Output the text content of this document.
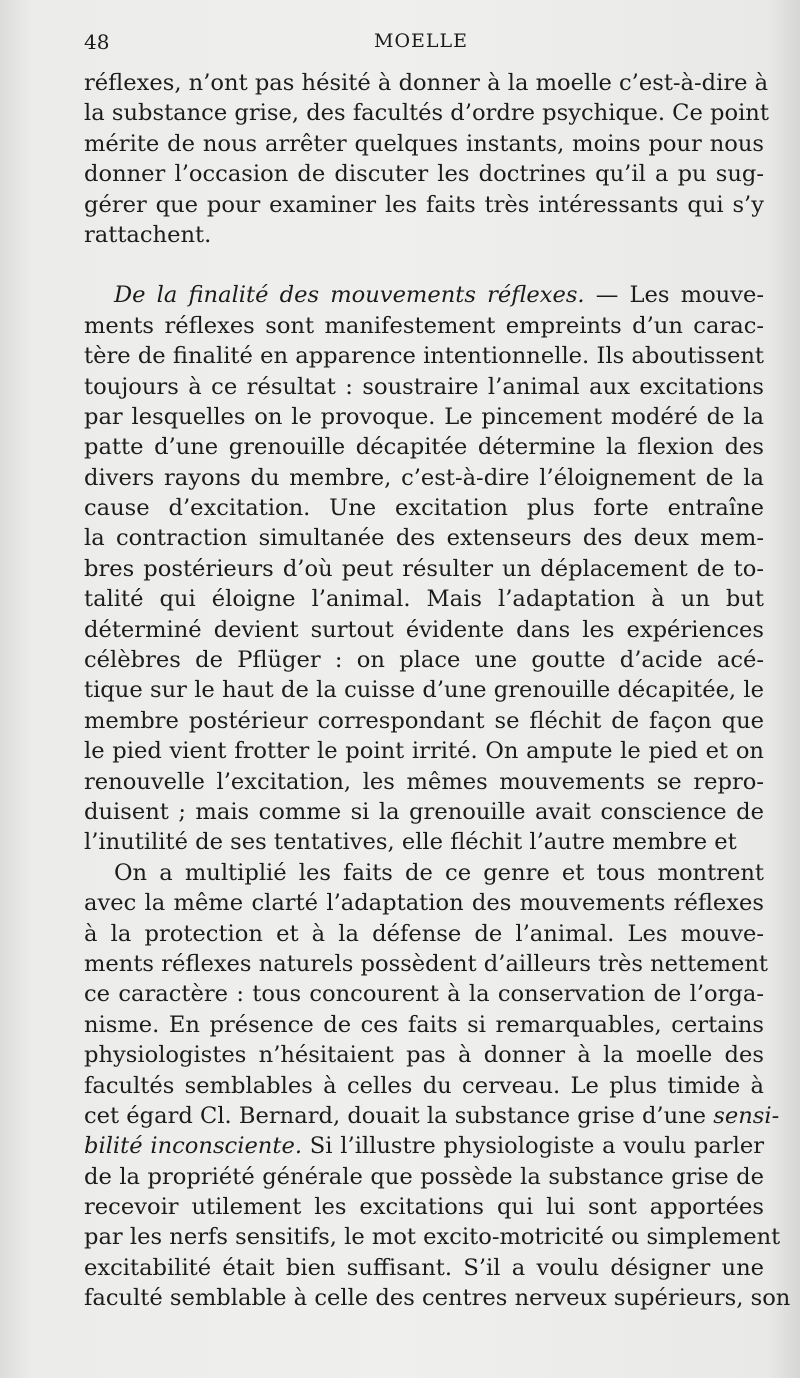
48	MOELLE
réflexes, n’ont pas hésité à donner à la moelle c’est-à-dire à
la substance grise, des facultés d’ordre psychique. Ce point
mérite de nous arrêter quelques instants, moins pour nous
donner l’occasion de discuter les doctrines qu’il a pu sug-
gérer que pour examiner les faits très intéressants qui s’y
rattachent.
De la finalité des mouvements réflexes. — Les mouve-
ments réflexes sont manifestement empreints d’un carac-
tère de finalité en apparence intentionnelle. Ils aboutissent
toujours à ce résultat : soustraire l’animal aux excitations
par lesquelles on le provoque. Le pincement modéré de la
patte d’une grenouille décapitée détermine la flexion des
divers rayons du membre, c’est-à-dire l’éloignement de la
cause d’excitation. Une excitation plus forte entraîne
la contraction simultanée des extenseurs des deux mem-
bres postérieurs d’où peut résulter un déplacement de to-
talité qui éloigne l’animal. Mais l’adaptation à un but
déterminé devient surtout évidente dans les expériences
célèbres de Pflüger : on place une goutte d’acide acé-
tique sur le haut de la cuisse d’une grenouille décapitée, le
membre postérieur correspondant se fléchit de façon que
le pied vient frotter le point irrité. On ampute le pied et on
renouvelle l’excitation, les mêmes mouvements se repro-
duisent ; mais comme si la grenouille avait conscience de
l’inutilité de ses tentatives, elle fléchit l’autre membre et
On a multiplié les faits de ce genre et tous montrent
avec la même clarté l’adaptation des mouvements réflexes
à la protection et à la défense de l’animal. Les mouve-
ments réflexes naturels possèdent d’ailleurs très nettement
ce caractère : tous concourent à la conservation de l’orga-
nisme. En présence de ces faits si remarquables, certains
physiologistes n’hésitaient pas à donner à la moelle des
facultés semblables à celles du cerveau. Le plus timide à
cet égard Cl. Bernard, douait la substance grise d’une sensi-
bilité inconsciente. Si l’illustre physiologiste a voulu parler
de la propriété générale que possède la substance grise de
recevoir utilement les excitations qui lui sont apportées
par les nerfs sensitifs, le mot excito-motricité ou simplement
excitabilité était bien suffisant. S’il a voulu désigner une
faculté semblable à celle des centres nerveux supérieurs, son
